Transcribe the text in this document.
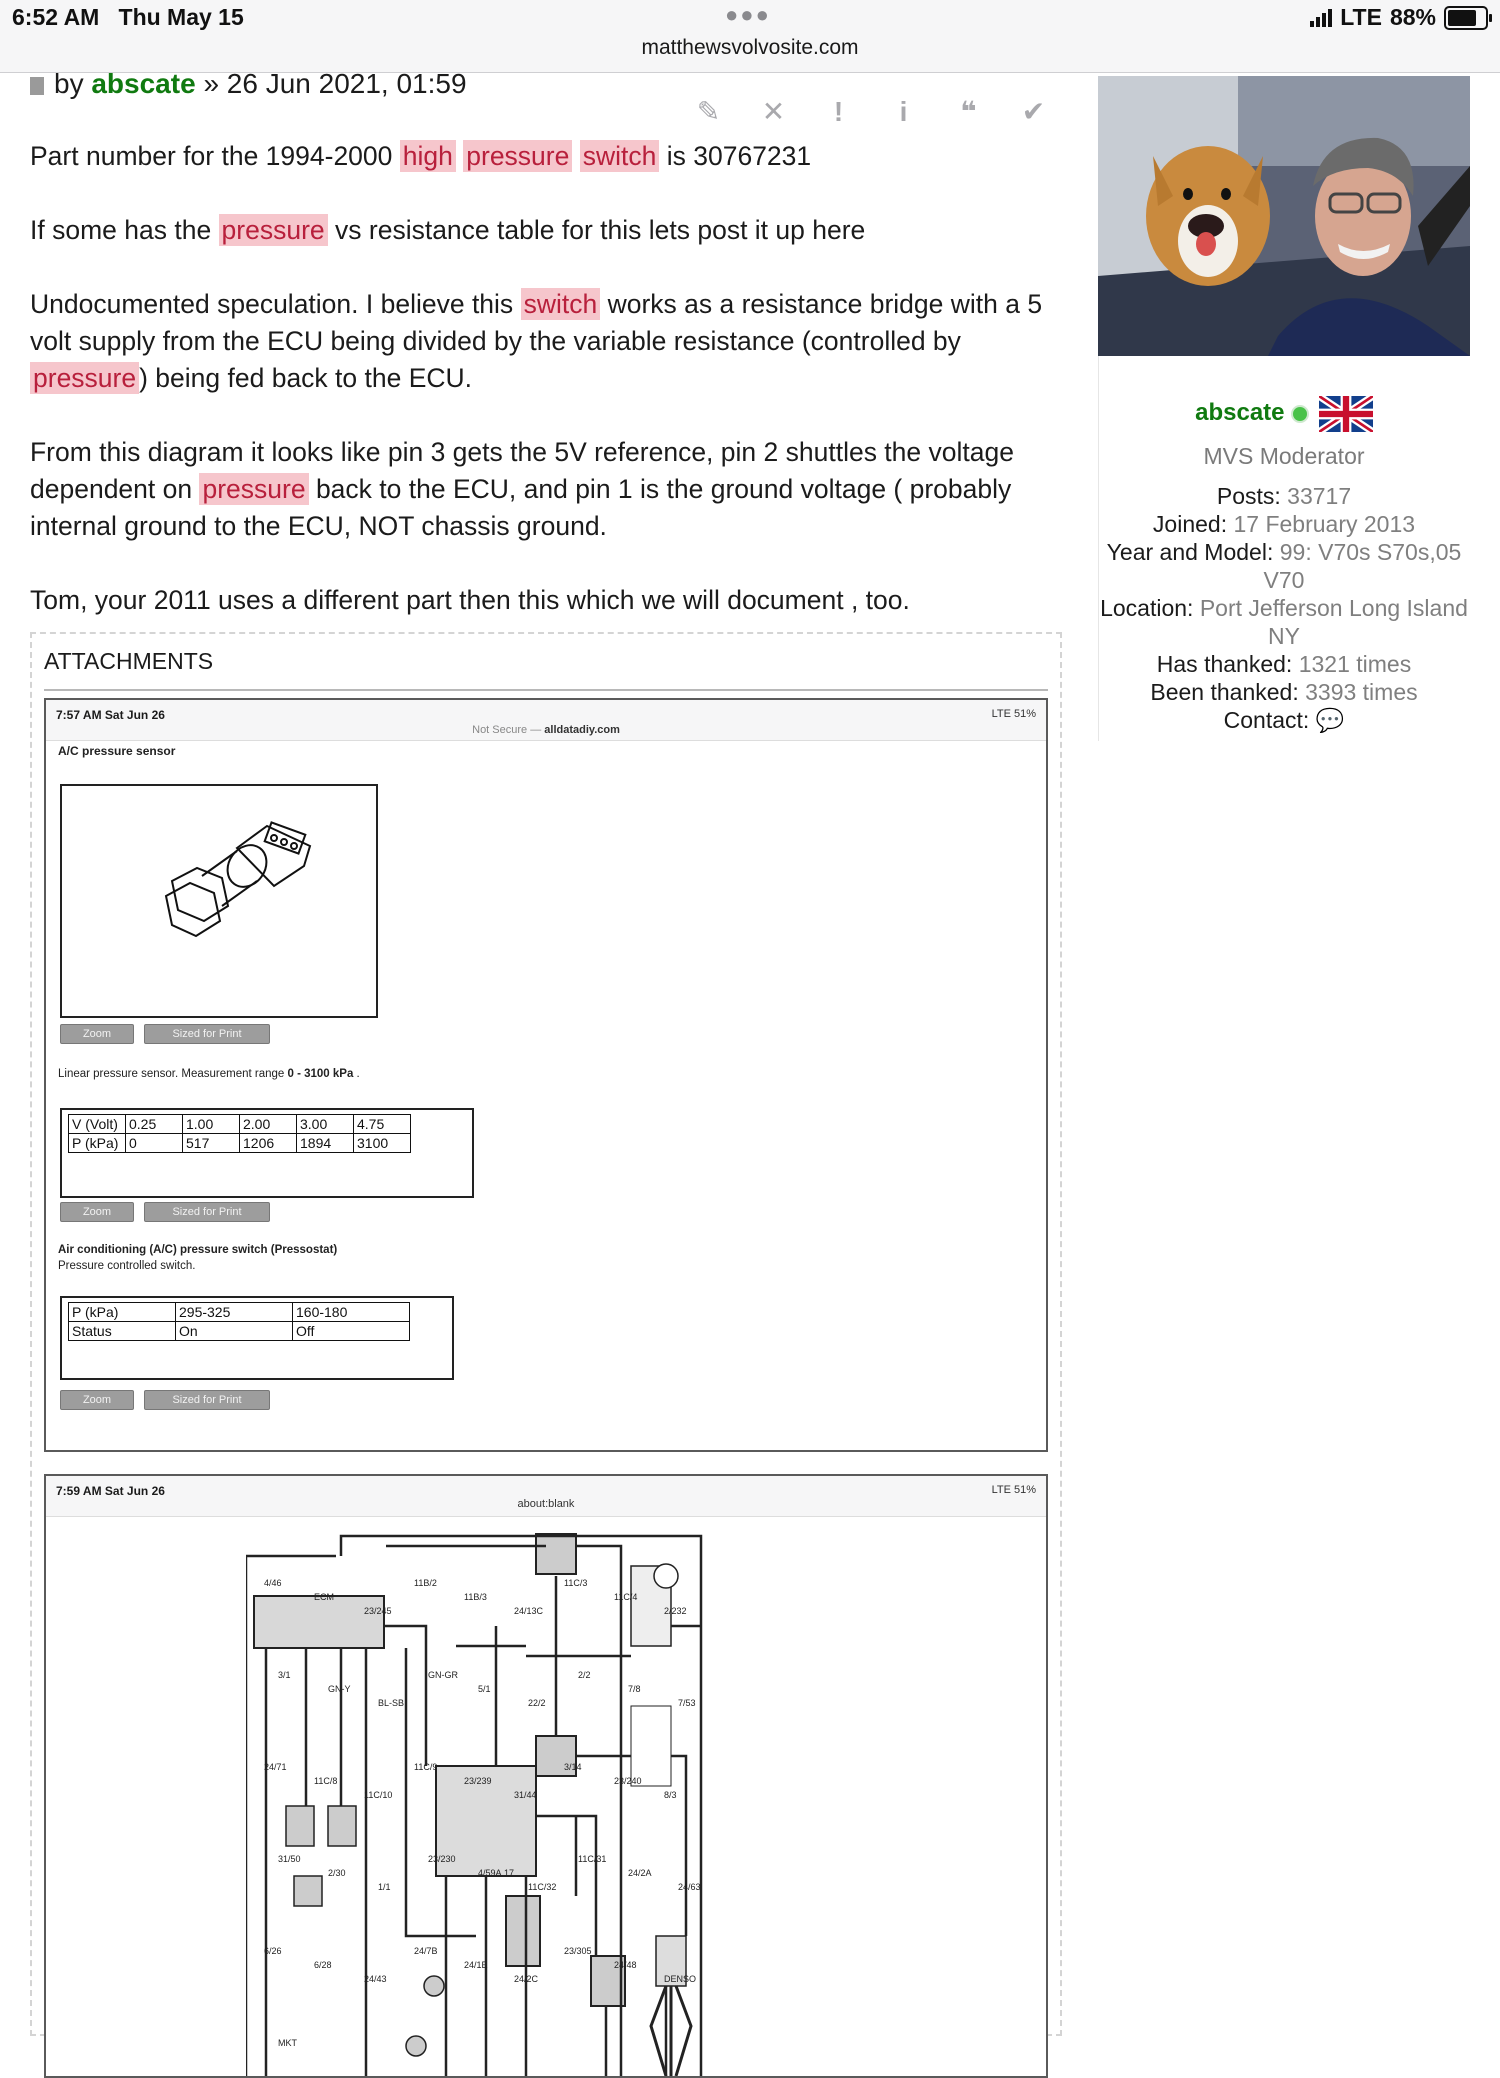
6:52 AM Thu May 15	●●●
matthewsvolvosite.com
LTE 88%
by abscate » 26 Jun 2021, 01:59
✎	✕	!	i	❝	✔

Part number for the 1994-2000 high pressure switch is 30767231

If some has the pressure vs resistance table for this lets post it up here

Undocumented speculation. I believe this switch works as a resistance bridge with a 5 volt supply from the ECU being divided by the variable resistance (controlled by pressure ) being fed back to the ECU.

From this diagram it looks like pin 3 gets the 5V reference, pin 2 shuttles the voltage dependent on pressure back to the ECU, and pin 1 is the ground voltage ( probably internal ground to the ECU, NOT chassis ground.

Tom, your 2011 uses a different part then this which we will document , too.

ATTACHMENTS
7:57 AM Sat Jun 26
Not Secure — alldatadiy.com
LTE 51%
A/C pressure sensor
Zoom	Sized for Print
Linear pressure sensor. Measurement range 0 - 3100 kPa .
V (Volt)	0.25	1.00	2.00	3.00	4.75
P (kPa)	0	517	1206	1894	3100
Zoom	Sized for Print
Air conditioning (A/C) pressure switch (Pressostat)
Pressure controlled switch.
P (kPa)	295-325	160-180
Status	On	Off
Zoom	Sized for Print
7:59 AM Sat Jun 26
about:blank
LTE 51%
4/46
ECM
23/245
11B/2
11B/3
24/13C
11C/3
11C/4
2/232
3/1
GN-Y
BL-SB
GN-GR
5/1
22/2
2/2
7/8
7/53
24/71
11C/8
11C/10
11C/9
23/239
31/44
3/14
23/240
8/3
31/50
2/30
1/1
23/230
4/59A.17
11C/32
11C/31
24/2A
24/63
6/26
6/28
24/43
24/7B
24/1E
24/2C
23/305
24/48
DENSO
MKT
abscate
MVS Moderator
Posts: 33717
Joined: 17 February 2013
Year and Model: 99: V70s S70s,05 V70
Location: Port Jefferson Long Island NY
Has thanked: 1321 times
Been thanked: 3393 times
Contact: 💬
